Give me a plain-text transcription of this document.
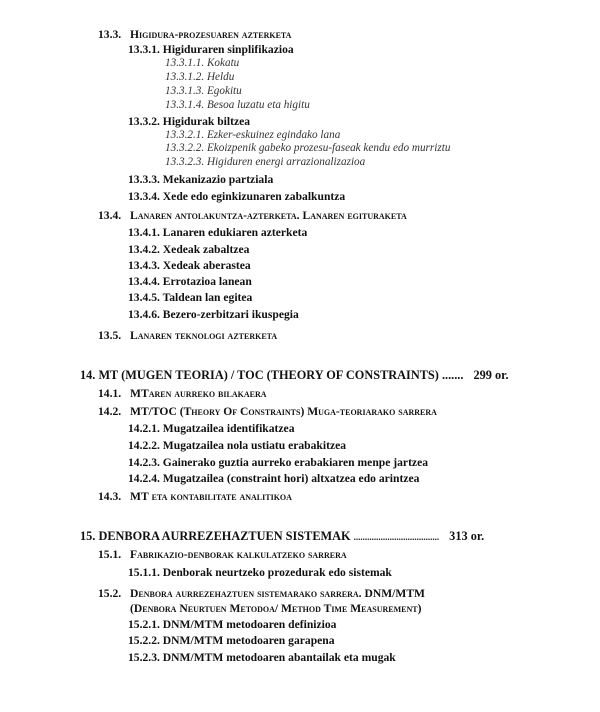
13.3. Higidura-prozesuaren azterketa
13.3.1. Higiduraren sinplifikazioa
13.3.1.1. Kokatu
13.3.1.2. Heldu
13.3.1.3. Egokitu
13.3.1.4. Besoa luzatu eta higitu
13.3.2. Higidurak biltzea
13.3.2.1. Ezker-eskuinez egindako lana
13.3.2.2. Ekoizpenik gabeko prozesu-faseak kendu edo murriztu
13.3.2.3. Higiduren energi arrazionalizazioa
13.3.3. Mekanizazio partziala
13.3.4. Xede edo eginkizunaren zabalkuntza
13.4. Lanaren antolakuntza-azterketa. Lanaren egituraketa
13.4.1. Lanaren edukiaren azterketa
13.4.2. Xedeak zabaltzea
13.4.3. Xedeak aberastea
13.4.4. Errotazioa lanean
13.4.5. Taldean lan egitea
13.4.6. Bezero-zerbitzari ikuspegia
13.5. Lanaren teknologi azterketa
14. MT (MUGEN TEORIA) / TOC (THEORY OF CONSTRAINTS) ....... 299 or.
14.1. MTaren aurreko bilakaera
14.2. MT/TOC (Theory Of Constraints) Muga-teoriarako sarrera
14.2.1. Mugatzailea identifikatzea
14.2.2. Mugatzailea nola ustiatu erabakitzea
14.2.3. Gainerako guztia aurreko erabakiaren menpe jartzea
14.2.4. Mugatzailea (constraint hori) altxatzea edo arintzea
14.3. MT eta kontabilitate analitikoa
15. DENBORA AURREZEHAZTUEN SISTEMAK ...................................... 313 or.
15.1. Fabrikazio-denborak kalkulatzeko sarrera
15.1.1. Denborak neurtzeko prozedurak edo sistemak
15.2. Denbora aurrezehaztuen sistemarako sarrera. DNM/MTM
(Denbora Neurtuen Metodoa/ Method Time Measurement)
15.2.1. DNM/MTM metodoaren definizioa
15.2.2. DNM/MTM metodoaren garapena
15.2.3. DNM/MTM metodoaren abantailak eta mugak
